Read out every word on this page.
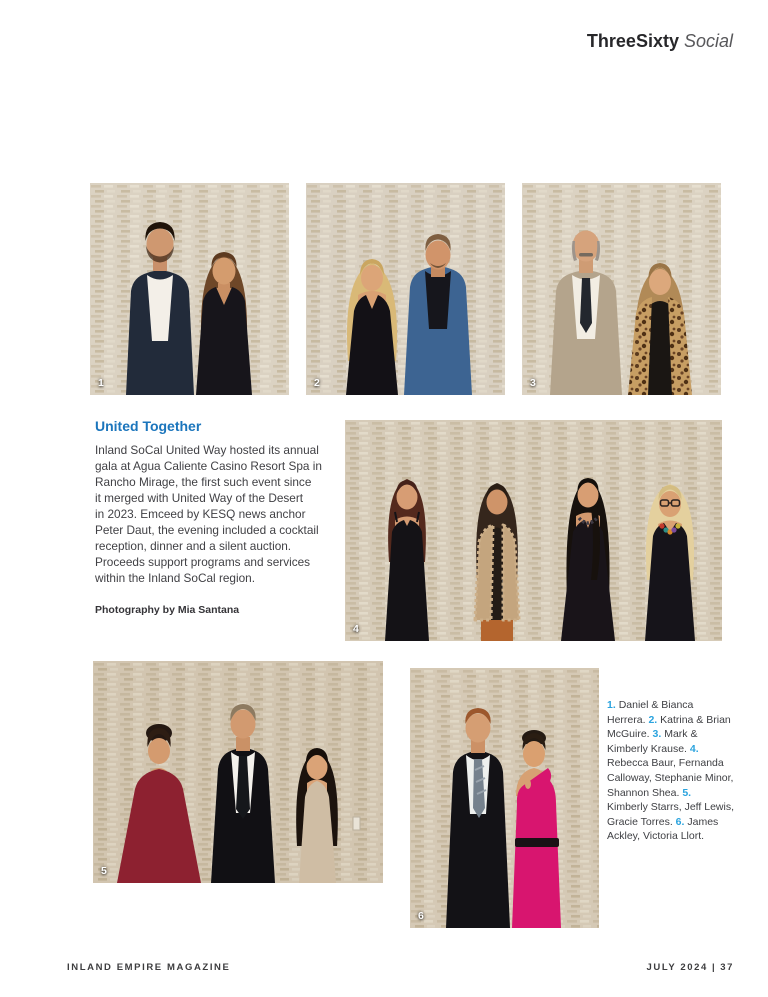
ThreeSixty Social
1	2	3
United Together
Inland SoCal United Way hosted its annual
gala at Agua Caliente Casino Resort Spa in
Rancho Mirage, the first such event since
it merged with United Way of the Desert
in 2023. Emceed by KESQ news anchor
Peter Daut, the evening included a cocktail
reception, dinner and a silent auction.
Proceeds support programs and services
within the Inland SoCal region.
Photography by Mia Santana
4
5
6
1. Daniel & Bianca Herrera. 2. Katrina & Brian McGuire. 3. Mark & Kimberly Krause. 4. Rebecca Baur, Fernanda Calloway, Stephanie Minor, Shannon Shea. 5. Kimberly Starrs, Jeff Lewis, Gracie Torres. 6. James Ackley, Victoria Llort.
INLAND EMPIRE MAGAZINE	JULY 2024 | 37
